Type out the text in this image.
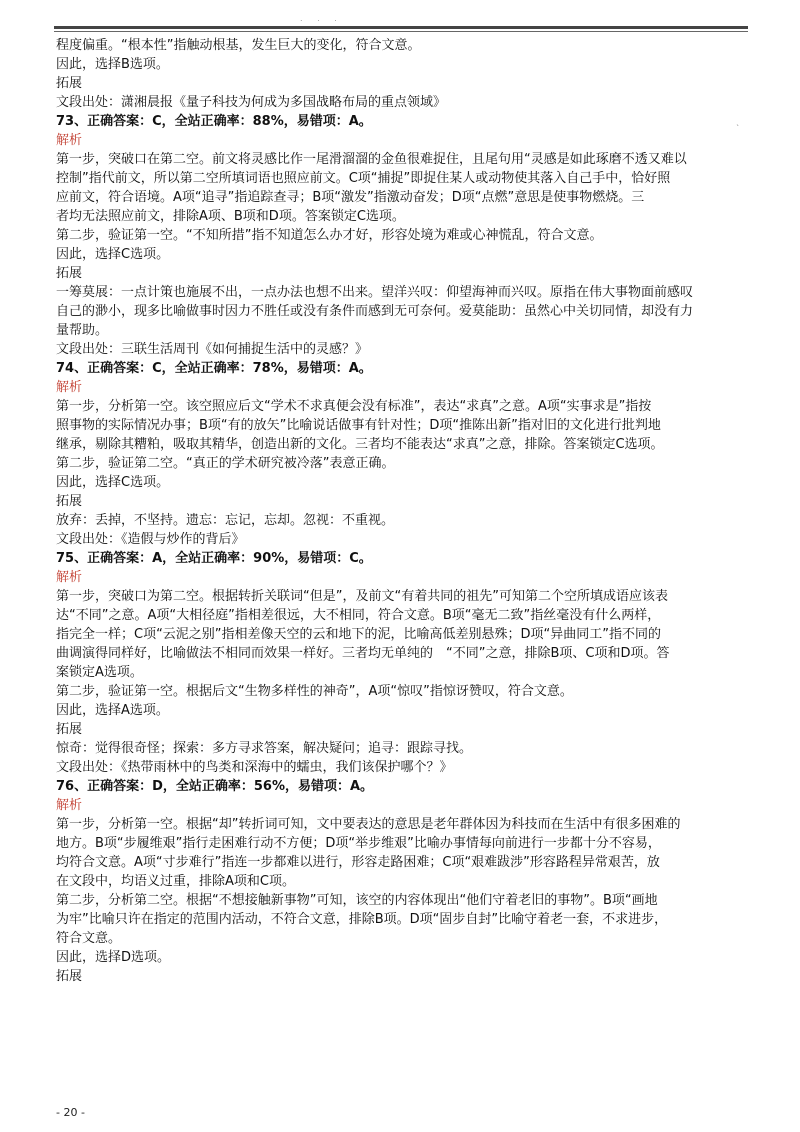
. . .
`
程度偏重。“根本性”指触动根基，发生巨大的变化，符合文意。
因此，选择B选项。
拓展
文段出处：潇湘晨报《量子科技为何成为多国战略布局的重点领域》
73、正确答案：C，全站正确率：88%，易错项：A。
解析
第一步，突破口在第二空。前文将灵感比作一尾滑溜溜的金鱼很难捉住，且尾句用“灵感是如此琢磨不透又难以
控制”指代前文，所以第二空所填词语也照应前文。C项“捕捉”即捉住某人或动物使其落入自己手中，恰好照
应前文，符合语境。A项“追寻”指追踪查寻；B项“激发”指激动奋发；D项“点燃”意思是使事物燃烧。三
者均无法照应前文，排除A项、B项和D项。答案锁定C选项。
第二步，验证第一空。“不知所措”指不知道怎么办才好，形容处境为难或心神慌乱，符合文意。
因此，选择C选项。
拓展
一筹莫展：一点计策也施展不出，一点办法也想不出来。望洋兴叹：仰望海神而兴叹。原指在伟大事物面前感叹
自己的渺小，现多比喻做事时因力不胜任或没有条件而感到无可奈何。爱莫能助：虽然心中关切同情，却没有力
量帮助。
文段出处：三联生活周刊《如何捕捉生活中的灵感？》
74、正确答案：C，全站正确率：78%，易错项：A。
解析
第一步，分析第一空。该空照应后文“学术不求真便会没有标准”，表达“求真”之意。A项“实事求是”指按
照事物的实际情况办事；B项“有的放矢”比喻说话做事有针对性；D项“推陈出新”指对旧的文化进行批判地
继承，剔除其糟粕，吸取其精华，创造出新的文化。三者均不能表达“求真”之意，排除。答案锁定C选项。
第二步，验证第二空。“真正的学术研究被冷落”表意正确。
因此，选择C选项。
拓展
放弃：丢掉，不坚持。遗忘：忘记，忘却。忽视：不重视。
文段出处：《造假与炒作的背后》
75、正确答案：A，全站正确率：90%，易错项：C。
解析
第一步，突破口为第二空。根据转折关联词“但是”，及前文“有着共同的祖先”可知第二个空所填成语应该表
达“不同”之意。A项“大相径庭”指相差很远，大不相同，符合文意。B项“毫无二致”指丝毫没有什么两样，
指完全一样；C项“云泥之别”指相差像天空的云和地下的泥，比喻高低差别悬殊；D项“异曲同工”指不同的
曲调演得同样好，比喻做法不相同而效果一样好。三者均无单纯的　“不同”之意，排除B项、C项和D项。答
案锁定A选项。
第二步，验证第一空。根据后文“生物多样性的神奇”，A项“惊叹”指惊讶赞叹，符合文意。
因此，选择A选项。
拓展
惊奇：觉得很奇怪；探索：多方寻求答案，解决疑问；追寻：跟踪寻找。
文段出处：《热带雨林中的鸟类和深海中的蠕虫，我们该保护哪个？》
76、正确答案：D，全站正确率：56%，易错项：A。
解析
第一步，分析第一空。根据“却”转折词可知，文中要表达的意思是老年群体因为科技而在生活中有很多困难的
地方。B项“步履维艰”指行走困难行动不方便；D项“举步维艰”比喻办事情每向前进行一步都十分不容易，
均符合文意。A项“寸步难行”指连一步都难以进行，形容走路困难；C项“艰难跋涉”形容路程异常艰苦，放
在文段中，均语义过重，排除A项和C项。
第二步，分析第二空。根据“不想接触新事物”可知，该空的内容体现出“他们守着老旧的事物”。B项“画地
为牢”比喻只许在指定的范围内活动，不符合文意，排除B项。D项“固步自封”比喻守着老一套，不求进步，
符合文意。
因此，选择D选项。
拓展
- 20 -
